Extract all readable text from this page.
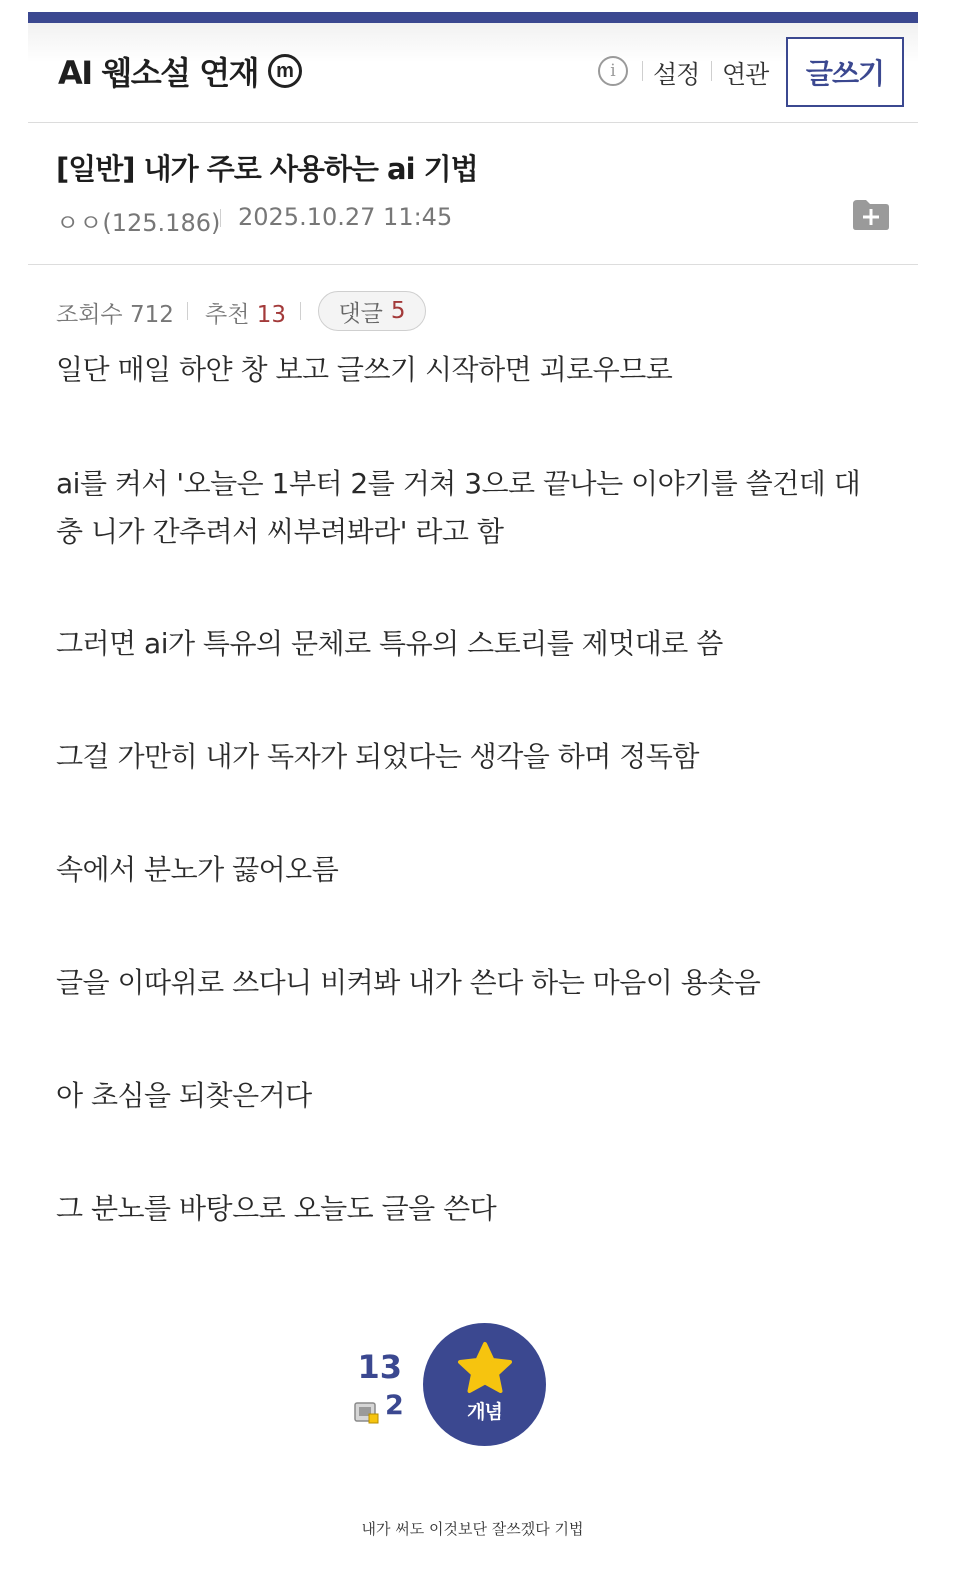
AI 웹소설 연재 m	i	설정 연관	글쓰기
[일반] 내가 주로 사용하는 ai 기법
ㅇㅇ(125.186) 2025.10.27 11:45
조회수 712 추천 13 댓글 5

일단 매일 하얀 창 보고 글쓰기 시작하면 괴로우므로

ai를 켜서 '오늘은 1부터 2를 거쳐 3으로 끝나는 이야기를 쓸건데 대충 니가 간추려서 씨부려봐라' 라고 함

그러면 ai가 특유의 문체로 특유의 스토리를 제멋대로 씀

그걸 가만히 내가 독자가 되었다는 생각을 하며 정독함

속에서 분노가 끓어오름

글을 이따위로 쓰다니 비켜봐 내가 쓴다 하는 마음이 용솟음

아 초심을 되찾은거다

그 분노를 바탕으로 오늘도 글을 쓴다

13
2	개념
내가 써도 이것보단 잘쓰겠다 기법
